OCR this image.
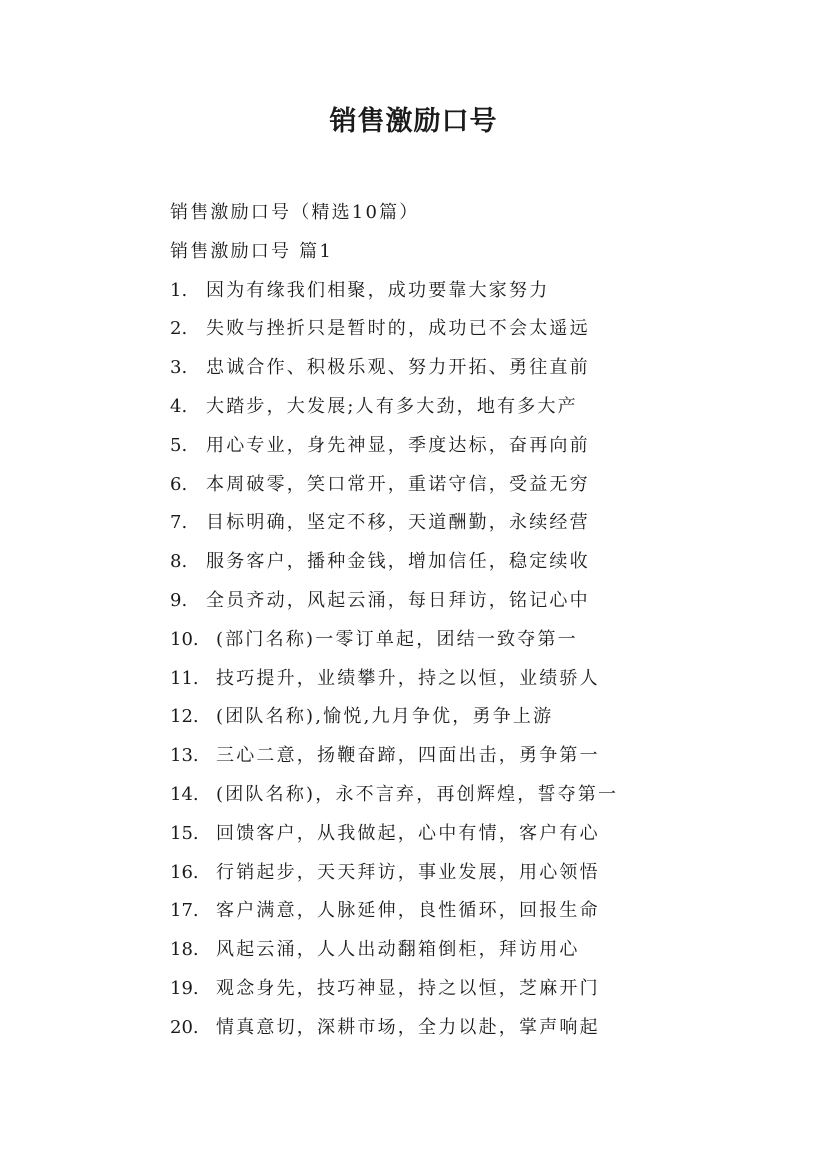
销售激励口号
销售激励口号（精选10篇）
销售激励口号 篇1
1. 因为有缘我们相聚，成功要靠大家努力
2. 失败与挫折只是暂时的，成功已不会太遥远
3. 忠诚合作、积极乐观、努力开拓、勇往直前
4. 大踏步，大发展;人有多大劲，地有多大产
5. 用心专业，身先神显，季度达标，奋再向前
6. 本周破零，笑口常开，重诺守信，受益无穷
7. 目标明确，坚定不移，天道酬勤，永续经营
8. 服务客户，播种金钱，增加信任，稳定续收
9. 全员齐动，风起云涌，每日拜访，铭记心中
10. (部门名称)一零订单起，团结一致夺第一
11. 技巧提升，业绩攀升，持之以恒，业绩骄人
12. (团队名称),愉悦,九月争优，勇争上游
13. 三心二意，扬鞭奋蹄，四面出击，勇争第一
14. (团队名称)，永不言弃，再创辉煌，誓夺第一
15. 回馈客户，从我做起，心中有情，客户有心
16. 行销起步，天天拜访，事业发展，用心领悟
17. 客户满意，人脉延伸，良性循环，回报生命
18. 风起云涌，人人出动翻箱倒柜，拜访用心
19. 观念身先，技巧神显，持之以恒，芝麻开门
20. 情真意切，深耕市场，全力以赴，掌声响起
